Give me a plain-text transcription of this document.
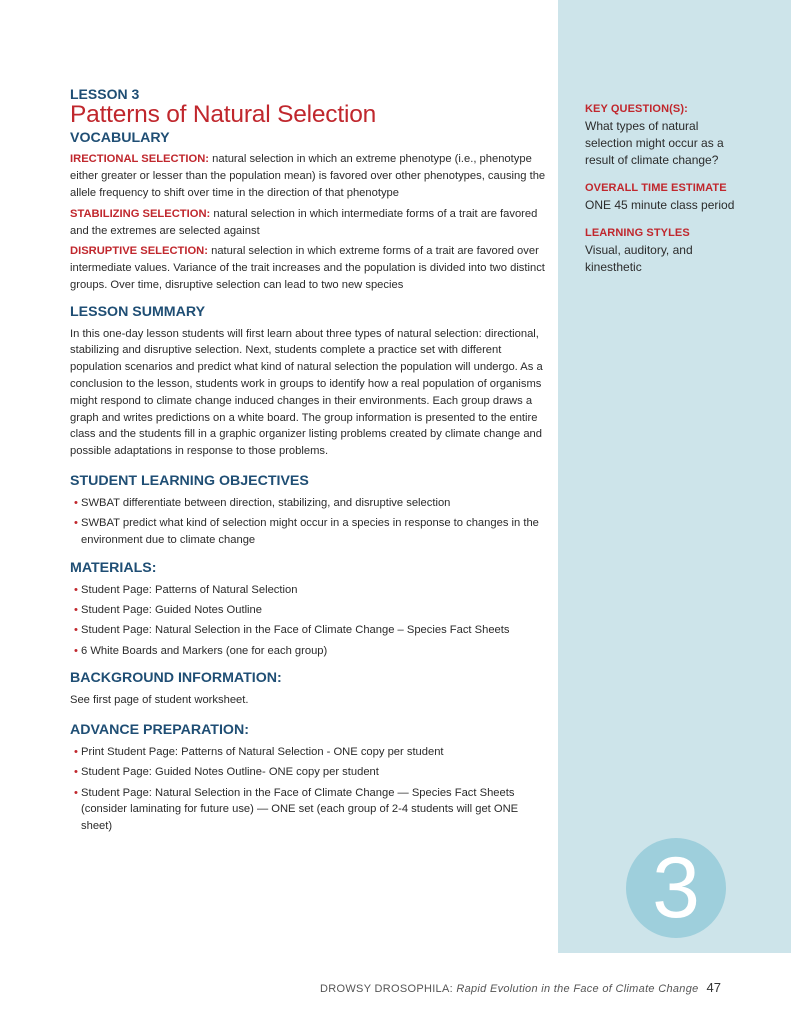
KEY QUESTION(S):
What types of natural selection might occur as a result of climate change?
OVERALL TIME ESTIMATE
ONE 45 minute class period
LEARNING STYLES
Visual, auditory, and kinesthetic
3
LESSON 3
Patterns of Natural Selection
VOCABULARY

IRECTIONAL SELECTION: natural selection in which an extreme phenotype (i.e., phenotype either greater or lesser than the population mean) is favored over other phenotypes, causing the allele frequency to shift over time in the direction of that phenotype

STABILIZING SELECTION: natural selection in which intermediate forms of a trait are favored and the extremes are selected against

DISRUPTIVE SELECTION: natural selection in which extreme forms of a trait are favored over intermediate values. Variance of the trait increases and the population is divided into two distinct groups. Over time, disruptive selection can lead to two new species

LESSON SUMMARY

In this one-day lesson students will first learn about three types of natural selection: directional, stabilizing and disruptive selection. Next, students complete a practice set with different population scenarios and predict what kind of natural selection the population will undergo. As a conclusion to the lesson, students work in groups to identify how a real population of organisms might respond to climate change induced changes in their environments. Each group draws a graph and writes predictions on a white board. The group information is presented to the entire class and the students fill in a graphic organizer listing problems created by climate change and possible adaptations in response to those problems.

STUDENT LEARNING OBJECTIVES
• SWBAT differentiate between direction, stabilizing, and disruptive selection
• SWBAT predict what kind of selection might occur in a species in response to changes in the environment due to climate change
MATERIALS:
• Student Page: Patterns of Natural Selection
• Student Page: Guided Notes Outline
• Student Page: Natural Selection in the Face of Climate Change – Species Fact Sheets
• 6 White Boards and Markers (one for each group)
BACKGROUND INFORMATION:

See first page of student worksheet.

ADVANCE PREPARATION:
• Print Student Page: Patterns of Natural Selection - ONE copy per student
• Student Page: Guided Notes Outline- ONE copy per student
• Student Page: Natural Selection in the Face of Climate Change — Species Fact Sheets (consider laminating for future use) — ONE set (each group of 2-4 students will get ONE sheet)
DROWSY DROSOPHILA: Rapid Evolution in the Face of Climate Change 47
